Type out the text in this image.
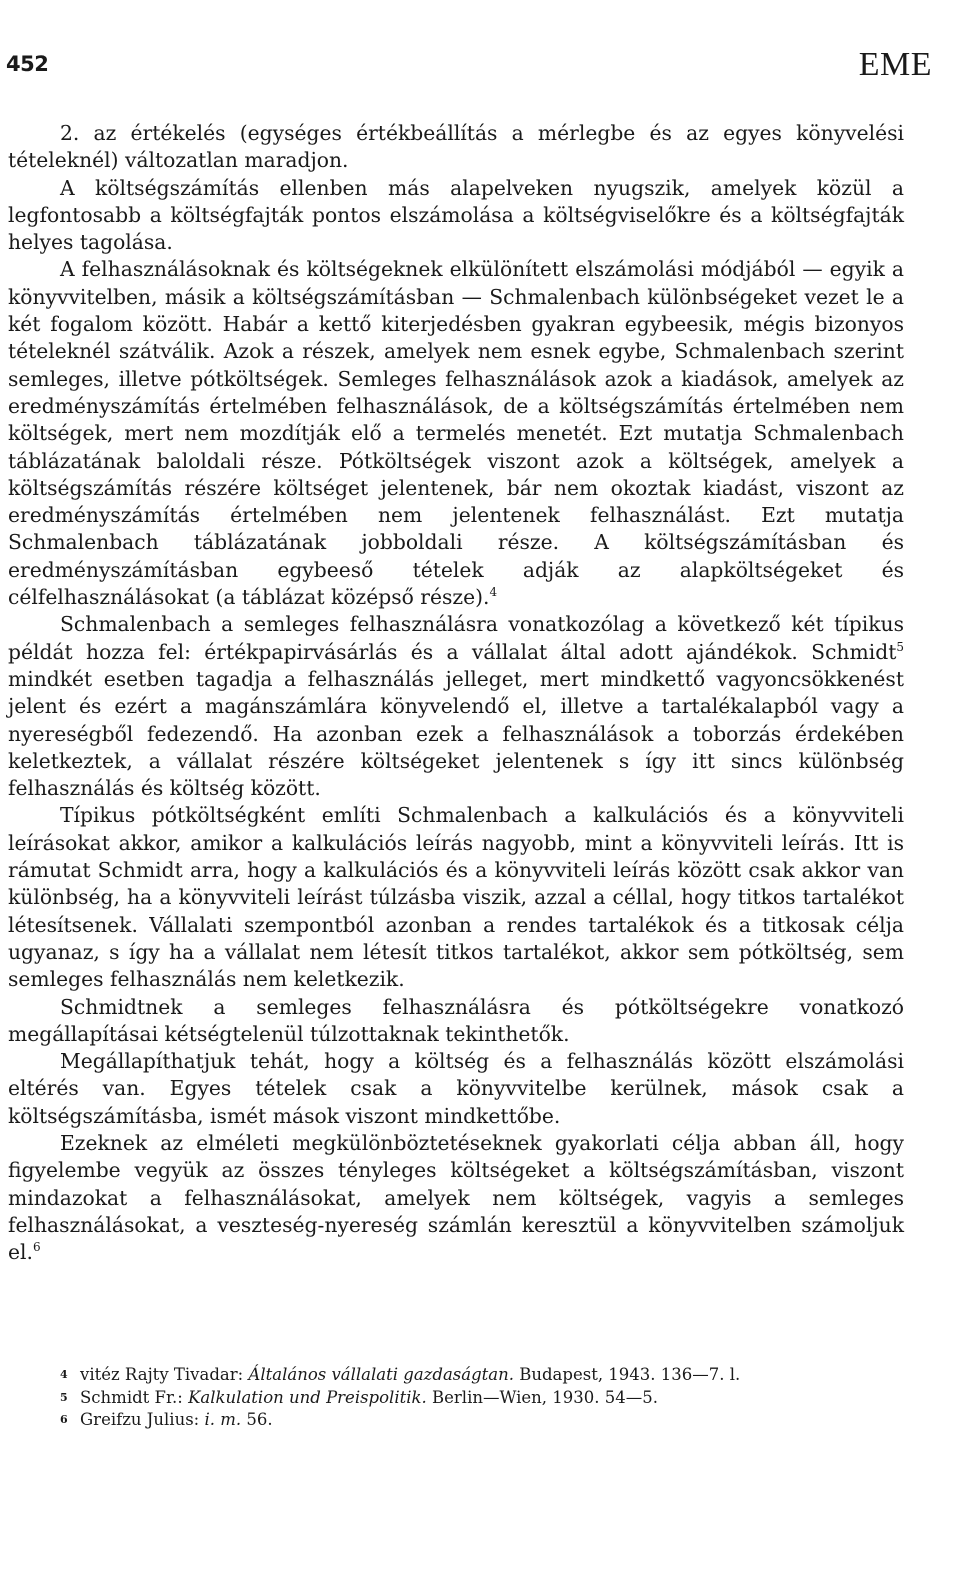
452	EME

2. az értékelés (egységes értékbeállítás a mérlegbe és az egyes könyvelési tételeknél) változatlan maradjon.

A költségszámítás ellenben más alapelveken nyugszik, amelyek közül a legfontosabb a költségfajták pontos elszámolása a költségviselőkre és a költségfajták helyes tagolása.

A felhasználásoknak és költségeknek elkülönített elszámolási módjából — egyik a könyvvitelben, másik a költségszámításban — Schmalenbach különbségeket vezet le a két fogalom között. Habár a kettő kiterjedésben gyakran egybeesik, mégis bizonyos tételeknél szátválik. Azok a részek, amelyek nem esnek egybe, Schmalenbach szerint semleges, illetve pótköltségek. Semleges felhasználások azok a kiadások, amelyek az eredményszámítás értelmében felhasználások, de a költségszámítás értelmében nem költségek, mert nem mozdítják elő a termelés menetét. Ezt mutatja Schmalenbach táblázatának baloldali része. Pótköltségek viszont azok a költségek, amelyek a költségszámítás részére költséget jelentenek, bár nem okoztak kiadást, viszont az eredményszámítás értelmében nem jelentenek felhasználást. Ezt mutatja Schmalenbach táblázatának jobboldali része. A költségszámításban és eredményszámításban egybeeső tételek adják az alapköltségeket és célfelhasználásokat (a táblázat középső része).$^4$

Schmalenbach a semleges felhasználásra vonatkozólag a következő két típikus példát hozza fel: értékpapirvásárlás és a vállalat által adott ajándékok. Schmidt$^5$ mindkét esetben tagadja a felhasználás jelleget, mert mindkettő vagyoncsökkenést jelent és ezért a magánszámlára könyvelendő el, illetve a tartalékalapból vagy a nyereségből fedezendő. Ha azonban ezek a felhasználások a toborzás érdekében keletkeztek, a vállalat részére költségeket jelentenek s így itt sincs különbség felhasználás és költség között.

Típikus pótköltségként említi Schmalenbach a kalkulációs és a könyvviteli leírásokat akkor, amikor a kalkulációs leírás nagyobb, mint a könyvviteli leírás. Itt is rámutat Schmidt arra, hogy a kalkulációs és a könyvviteli leírás között csak akkor van különbség, ha a könyvviteli leírást túlzásba viszik, azzal a céllal, hogy titkos tartalékot létesítsenek. Vállalati szempontból azonban a rendes tartalékok és a titkosak célja ugyanaz, s így ha a vállalat nem létesít titkos tartalékot, akkor sem pótköltség, sem semleges felhasználás nem keletkezik.

Schmidtnek a semleges felhasználásra és pótköltségekre vonatkozó megállapításai kétségtelenül túlzottaknak tekinthetők.

Megállapíthatjuk tehát, hogy a költség és a felhasználás között elszámolási eltérés van. Egyes tételek csak a könyvvitelbe kerülnek, mások csak a költségszámításba, ismét mások viszont mindkettőbe.

Ezeknek az elméleti megkülönböztetéseknek gyakorlati célja abban áll, hogy figyelembe vegyük az összes tényleges költségeket a költségszámításban, viszont mindazokat a felhasználásokat, amelyek nem költségek, vagyis a semleges felhasználásokat, a veszteség-nyereség számlán keresztül a könyvvitelben számoljuk el.$^6$

4 vitéz Rajty Tivadar: Általános vállalati gazdaságtan. Budapest, 1943. 136—7. l.
5 Schmidt Fr.: Kalkulation und Preispolitik. Berlin—Wien, 1930. 54—5.
6 Greifzu Julius: i. m. 56.
